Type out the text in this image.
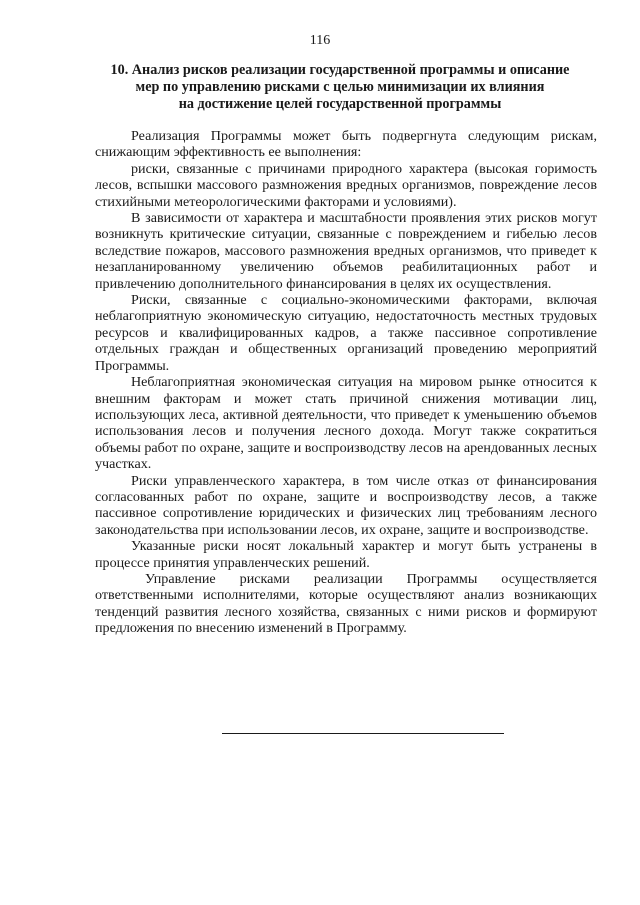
116
10. Анализ рисков реализации государственной программы и описание
мер по управлению рисками с целью минимизации их влияния
на достижение целей государственной программы

Реализация Программы может быть подвергнута следующим рискам, снижающим эффективность ее выполнения:

риски, связанные с причинами природного характера (высокая горимость лесов, вспышки массового размножения вредных организмов, повреждение лесов стихийными метеорологическими факторами и условиями).

В зависимости от характера и масштабности проявления этих рисков могут возникнуть критические ситуации, связанные с повреждением и гибелью лесов вследствие пожаров, массового размножения вредных организмов, что приведет к незапланированному увеличению объемов реабилитационных работ и привлечению дополнительного финансирования в целях их осуществления.

Риски, связанные с социально-экономическими факторами, включая неблагоприятную экономическую ситуацию, недостаточность местных трудовых ресурсов и квалифицированных кадров, а также пассивное сопротивление отдельных граждан и общественных организаций проведению мероприятий Программы.

Неблагоприятная экономическая ситуация на мировом рынке относится к внешним факторам и может стать причиной снижения мотивации лиц, использующих леса, активной деятельности, что приведет к уменьшению объемов использования лесов и получения лесного дохода. Могут также сократиться объемы работ по охране, защите и воспроизводству лесов на арендованных лесных участках.

Риски управленческого характера, в том числе отказ от финансирования согласованных работ по охране, защите и воспроизводству лесов, а также пассивное сопротивление юридических и физических лиц требованиям лесного законодательства при использовании лесов, их охране, защите и воспроизводстве.

Указанные риски носят локальный характер и могут быть устранены в процессе принятия управленческих решений.

Управление рисками реализации Программы осуществляется ответственными исполнителями, которые осуществляют анализ возникающих тенденций развития лесного хозяйства, связанных с ними рисков и формируют предложения по внесению изменений в Программу.
